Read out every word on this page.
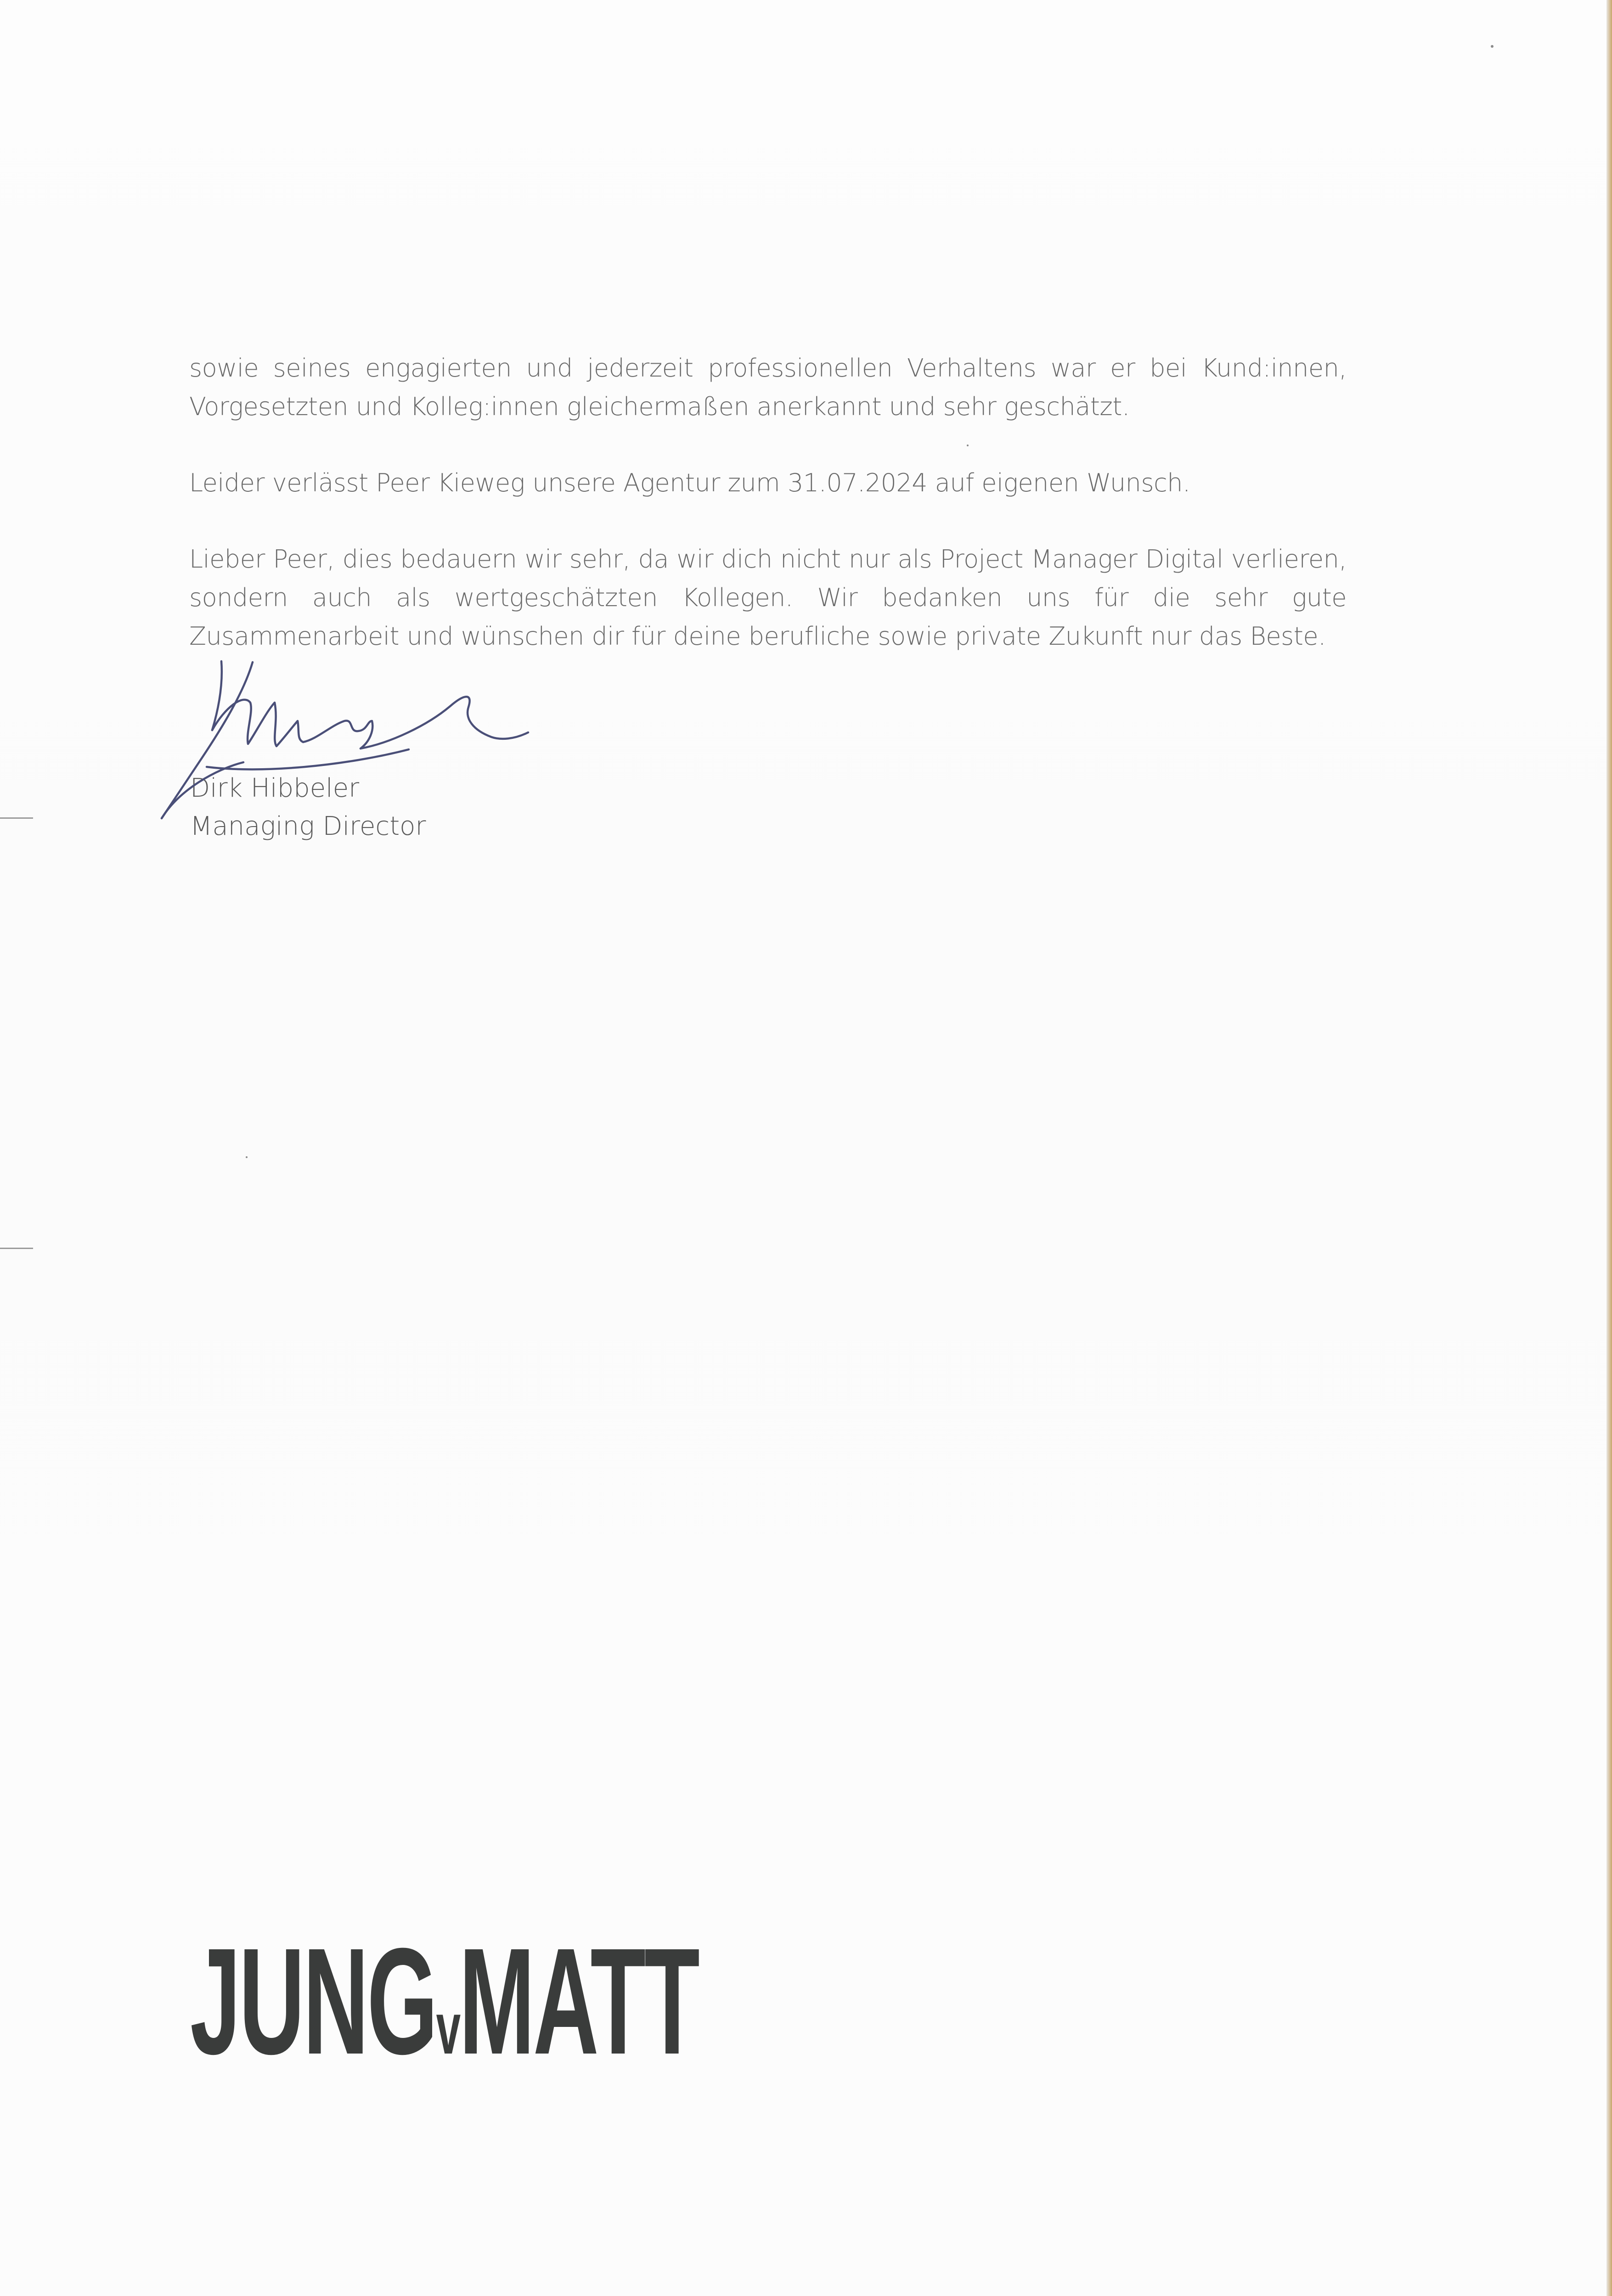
sowie seines engagierten und jederzeit professionellen Verhaltens war er bei Kund:innen, Vorgesetzten und Kolleg:innen gleichermaßen anerkannt und sehr geschätzt.

Leider verlässt Peer Kieweg unsere Agentur zum 31.07.2024 auf eigenen Wunsch.

Lieber Peer, dies bedauern wir sehr, da wir dich nicht nur als Project Manager Digital verlieren, sondern auch als wertgeschätzten Kollegen. Wir bedanken uns für die sehr gute Zusammenarbeit und wünschen dir für deine berufliche sowie private Zukunft nur das Beste.

Dirk Hibbeler
Managing Director
JUNGvMATT
